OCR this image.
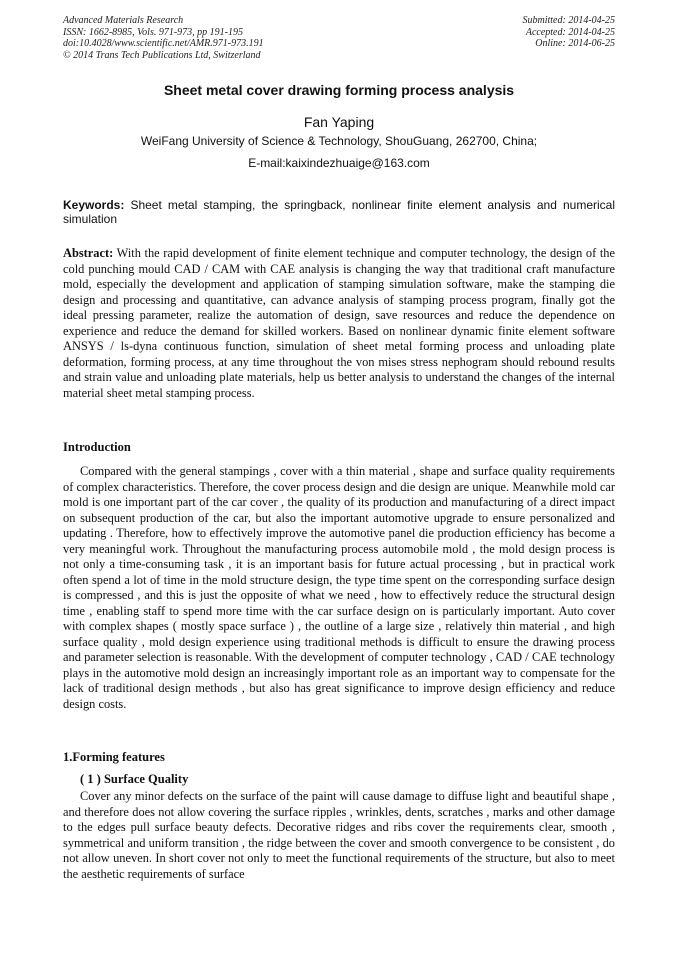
Advanced Materials Research
ISSN: 1662-8985, Vols. 971-973, pp 191-195
doi:10.4028/www.scientific.net/AMR.971-973.191
© 2014 Trans Tech Publications Ltd, Switzerland
Submitted: 2014-04-25
Accepted: 2014-04-25
Online: 2014-06-25
Sheet metal cover drawing forming process analysis
Fan Yaping
WeiFang University of Science & Technology, ShouGuang, 262700, China;
E-mail:kaixindezhuaige@163.com
Keywords: Sheet metal stamping, the springback, nonlinear finite element analysis and numerical simulation
Abstract: With the rapid development of finite element technique and computer technology, the design of the cold punching mould CAD / CAM with CAE analysis is changing the way that traditional craft manufacture mold, especially the development and application of stamping simulation software, make the stamping die design and processing and quantitative, can advance analysis of stamping process program, finally got the ideal pressing parameter, realize the automation of design, save resources and reduce the dependence on experience and reduce the demand for skilled workers. Based on nonlinear dynamic finite element software ANSYS / ls-dyna continuous function, simulation of sheet metal forming process and unloading plate deformation, forming process, at any time throughout the von mises stress nephogram should rebound results and strain value and unloading plate materials, help us better analysis to understand the changes of the internal material sheet metal stamping process.
Introduction
Compared with the general stampings , cover with a thin material , shape and surface quality requirements of complex characteristics. Therefore, the cover process design and die design are unique. Meanwhile mold car mold is one important part of the car cover , the quality of its production and manufacturing of a direct impact on subsequent production of the car, but also the important automotive upgrade to ensure personalized and updating . Therefore, how to effectively improve the automotive panel die production efficiency has become a very meaningful work. Throughout the manufacturing process automobile mold , the mold design process is not only a time-consuming task , it is an important basis for future actual processing , but in practical work often spend a lot of time in the mold structure design, the type time spent on the corresponding surface design is compressed , and this is just the opposite of what we need , how to effectively reduce the structural design time , enabling staff to spend more time with the car surface design on is particularly important. Auto cover with complex shapes ( mostly space surface ) , the outline of a large size , relatively thin material , and high surface quality , mold design experience using traditional methods is difficult to ensure the drawing process and parameter selection is reasonable. With the development of computer technology , CAD / CAE technology plays in the automotive mold design an increasingly important role as an important way to compensate for the lack of traditional design methods , but also has great significance to improve design efficiency and reduce design costs.
1.Forming features
( 1 ) Surface Quality
Cover any minor defects on the surface of the paint will cause damage to diffuse light and beautiful shape , and therefore does not allow covering the surface ripples , wrinkles, dents, scratches , marks and other damage to the edges pull surface beauty defects. Decorative ridges and ribs cover the requirements clear, smooth , symmetrical and uniform transition , the ridge between the cover and smooth convergence to be consistent , do not allow uneven. In short cover not only to meet the functional requirements of the structure, but also to meet the aesthetic requirements of surface
